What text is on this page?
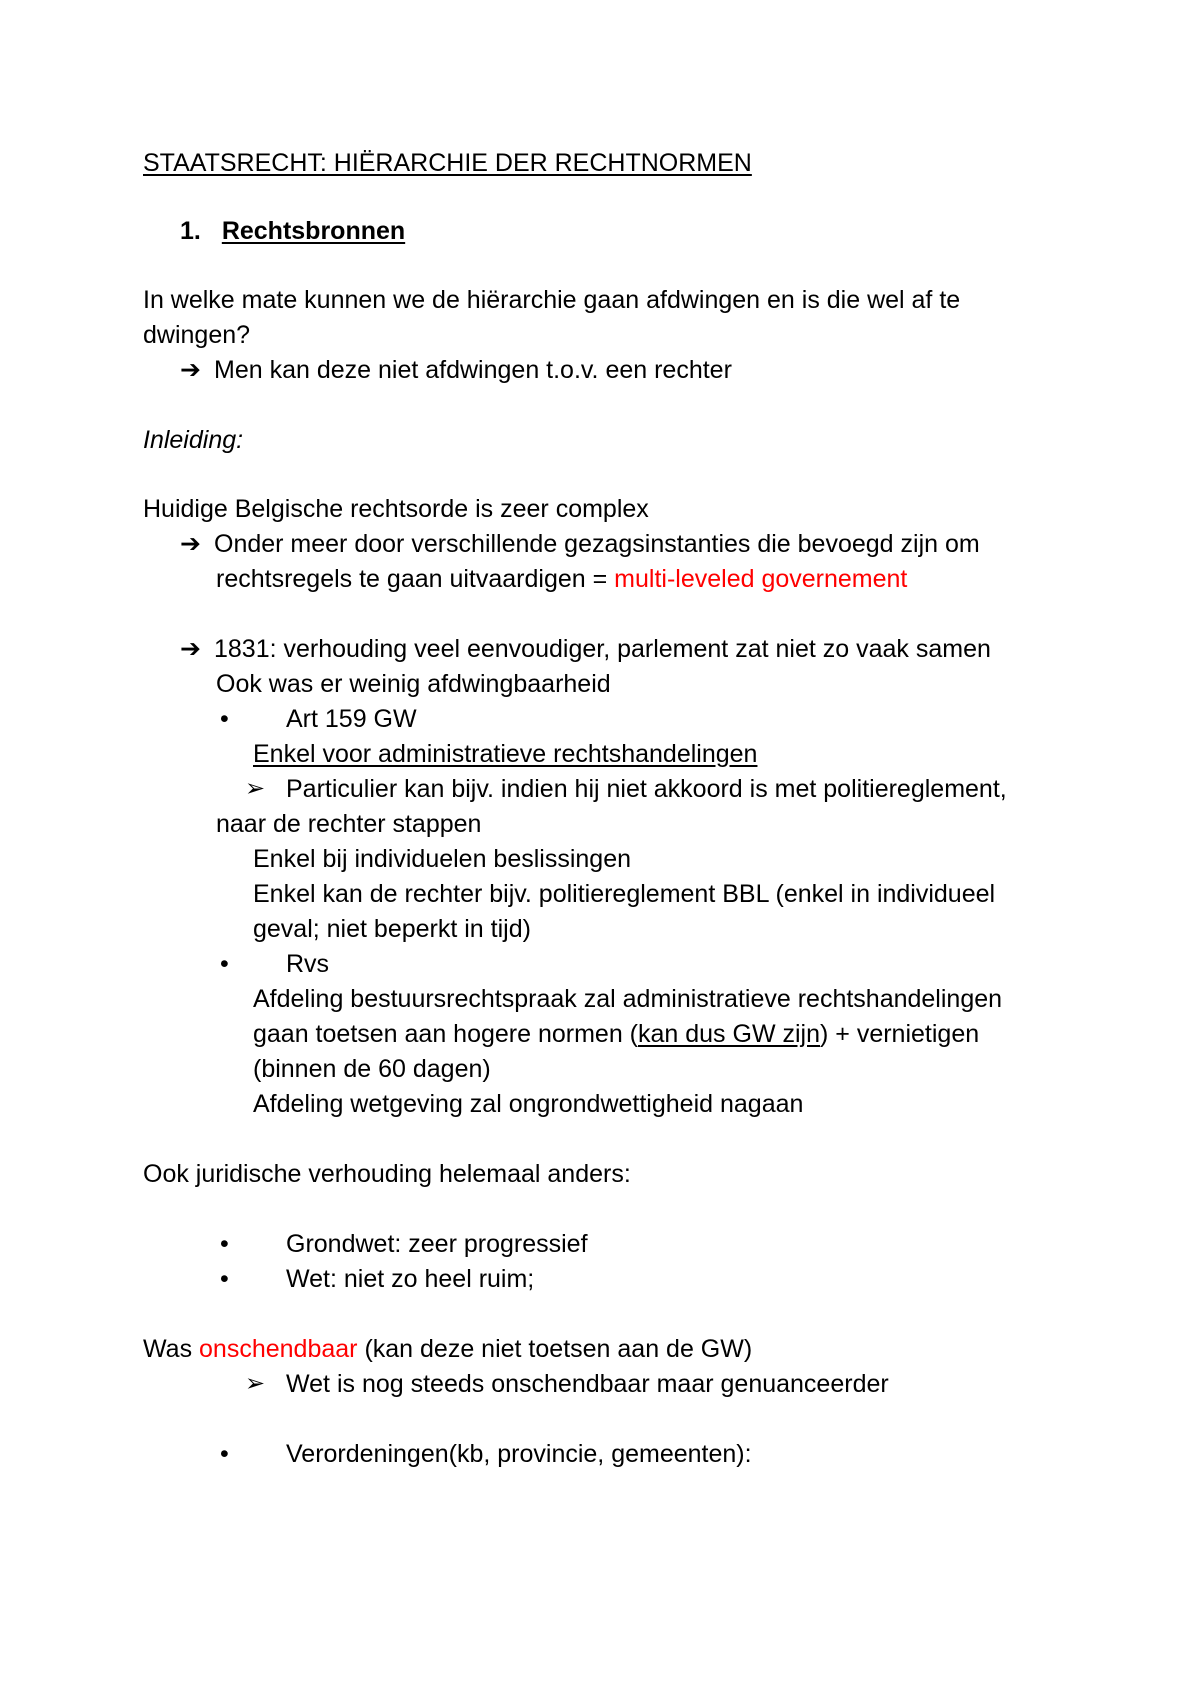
STAATSRECHT: HIËRARCHIE DER RECHTNORMEN
1. Rechtsbronnen
In welke mate kunnen we de hiërarchie gaan afdwingen en is die wel af te
dwingen?
➔ Men kan deze niet afdwingen t.o.v. een rechter
Inleiding:
Huidige Belgische rechtsorde is zeer complex
➔ Onder meer door verschillende gezagsinstanties die bevoegd zijn om
rechtsregels te gaan uitvaardigen = multi-leveled governement
➔ 1831: verhouding veel eenvoudiger, parlement zat niet zo vaak samen
Ook was er weinig afdwingbaarheid
• Art 159 GW
Enkel voor administratieve rechtshandelingen
➢ Particulier kan bijv. indien hij niet akkoord is met politiereglement,
naar de rechter stappen
Enkel bij individuelen beslissingen
Enkel kan de rechter bijv. politiereglement BBL (enkel in individueel
geval; niet beperkt in tijd)
• Rvs
Afdeling bestuursrechtspraak zal administratieve rechtshandelingen
gaan toetsen aan hogere normen (kan dus GW zijn) + vernietigen
(binnen de 60 dagen)
Afdeling wetgeving zal ongrondwettigheid nagaan
Ook juridische verhouding helemaal anders:
• Grondwet: zeer progressief
• Wet: niet zo heel ruim;
Was onschendbaar (kan deze niet toetsen aan de GW)
➢ Wet is nog steeds onschendbaar maar genuanceerder
• Verordeningen(kb, provincie, gemeenten):
